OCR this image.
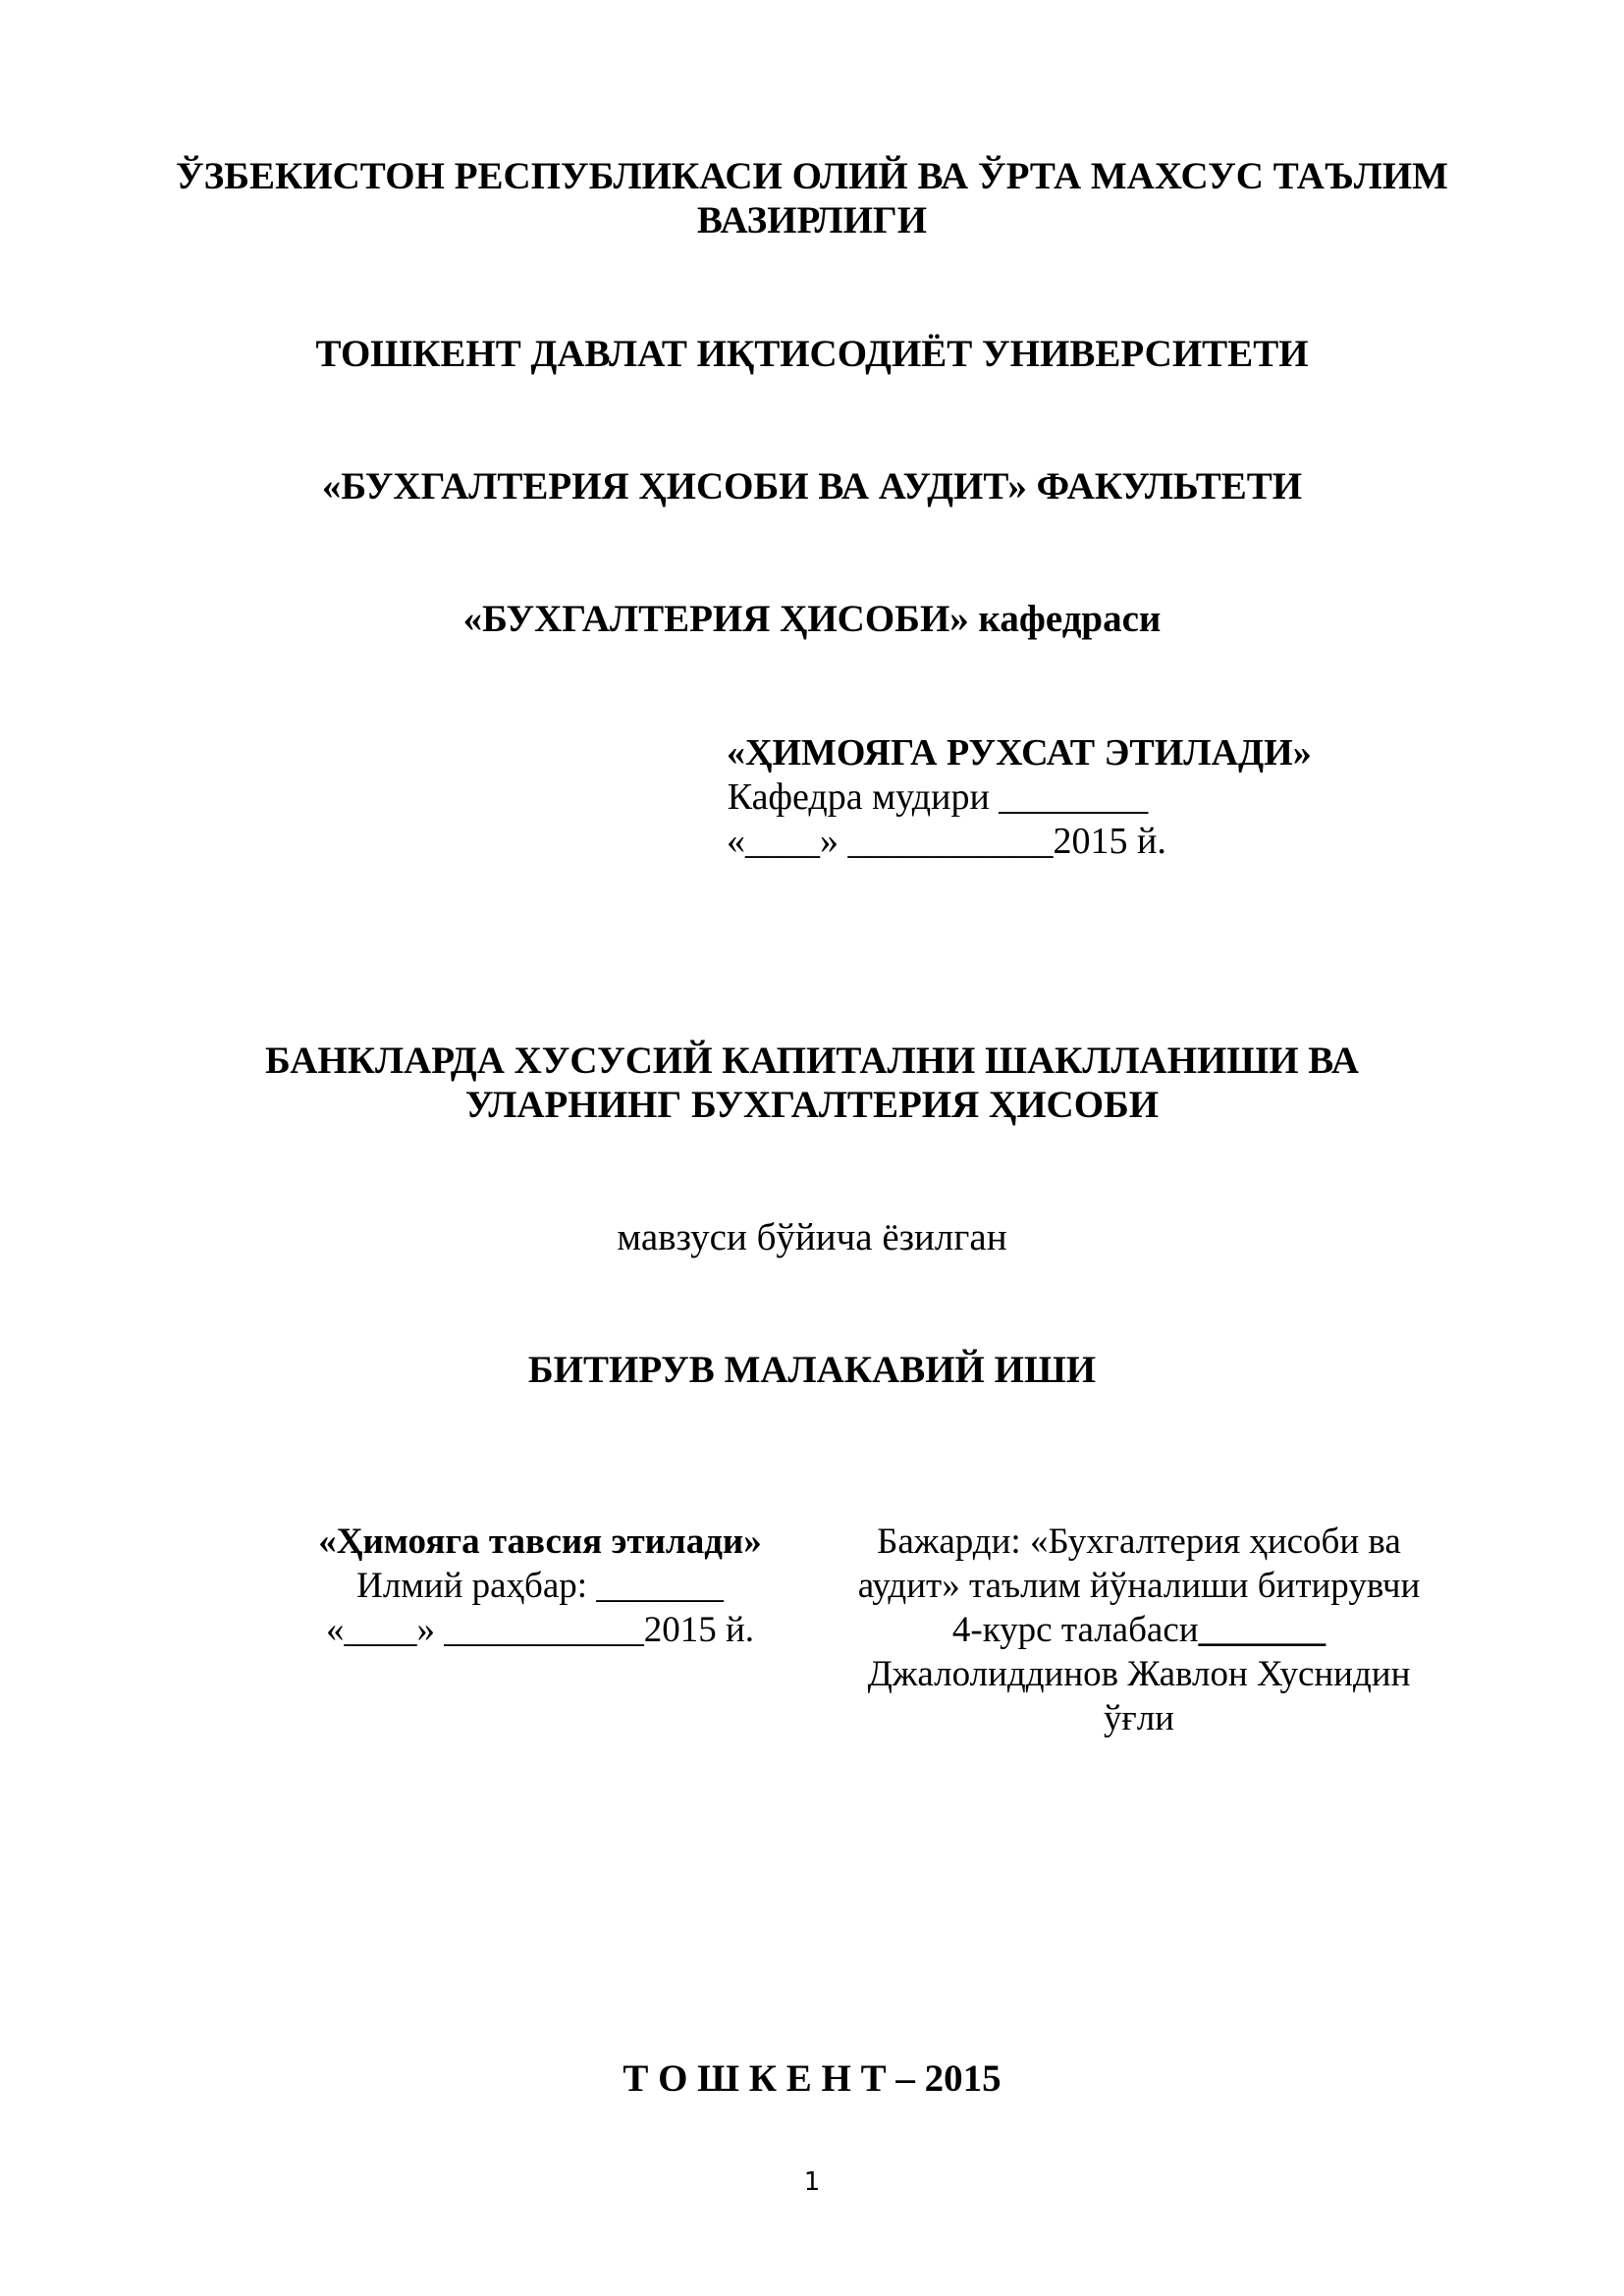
ЎЗБЕКИСТОН РЕСПУБЛИКАСИ ОЛИЙ ВА ЎРТА МАХСУС ТАЪЛИМ
ВАЗИРЛИГИ
ТОШКЕНТ ДАВЛАТ ИҚТИСОДИЁТ УНИВЕРСИТЕТИ
«БУХГАЛТЕРИЯ ҲИСОБИ ВА АУДИТ» ФАКУЛЬТЕТИ
«БУХГАЛТЕРИЯ ҲИСОБИ» кафедраси
«ҲИМОЯГА РУХСАТ ЭТИЛАДИ»
Кафедра мудири ________
«____» ___________2015 й.
БАНКЛАРДА ХУСУСИЙ КАПИТАЛНИ ШАКЛЛАНИШИ ВА
УЛАРНИНГ БУХГАЛТЕРИЯ ҲИСОБИ
мавзуси бўйича ёзилган
БИТИРУВ МАЛАКАВИЙ ИШИ
«Ҳимояга тавсия этилади»
Илмий раҳбар: _______
«____» ___________2015 й.
Бажарди: «Бухгалтерия ҳисоби ва
аудит» таълим йўналиши битирувчи
4-курс талабаси_______
Джалолиддинов Жавлон Хуснидин
ўғли
Т О Ш К Е Н Т – 2015
1
